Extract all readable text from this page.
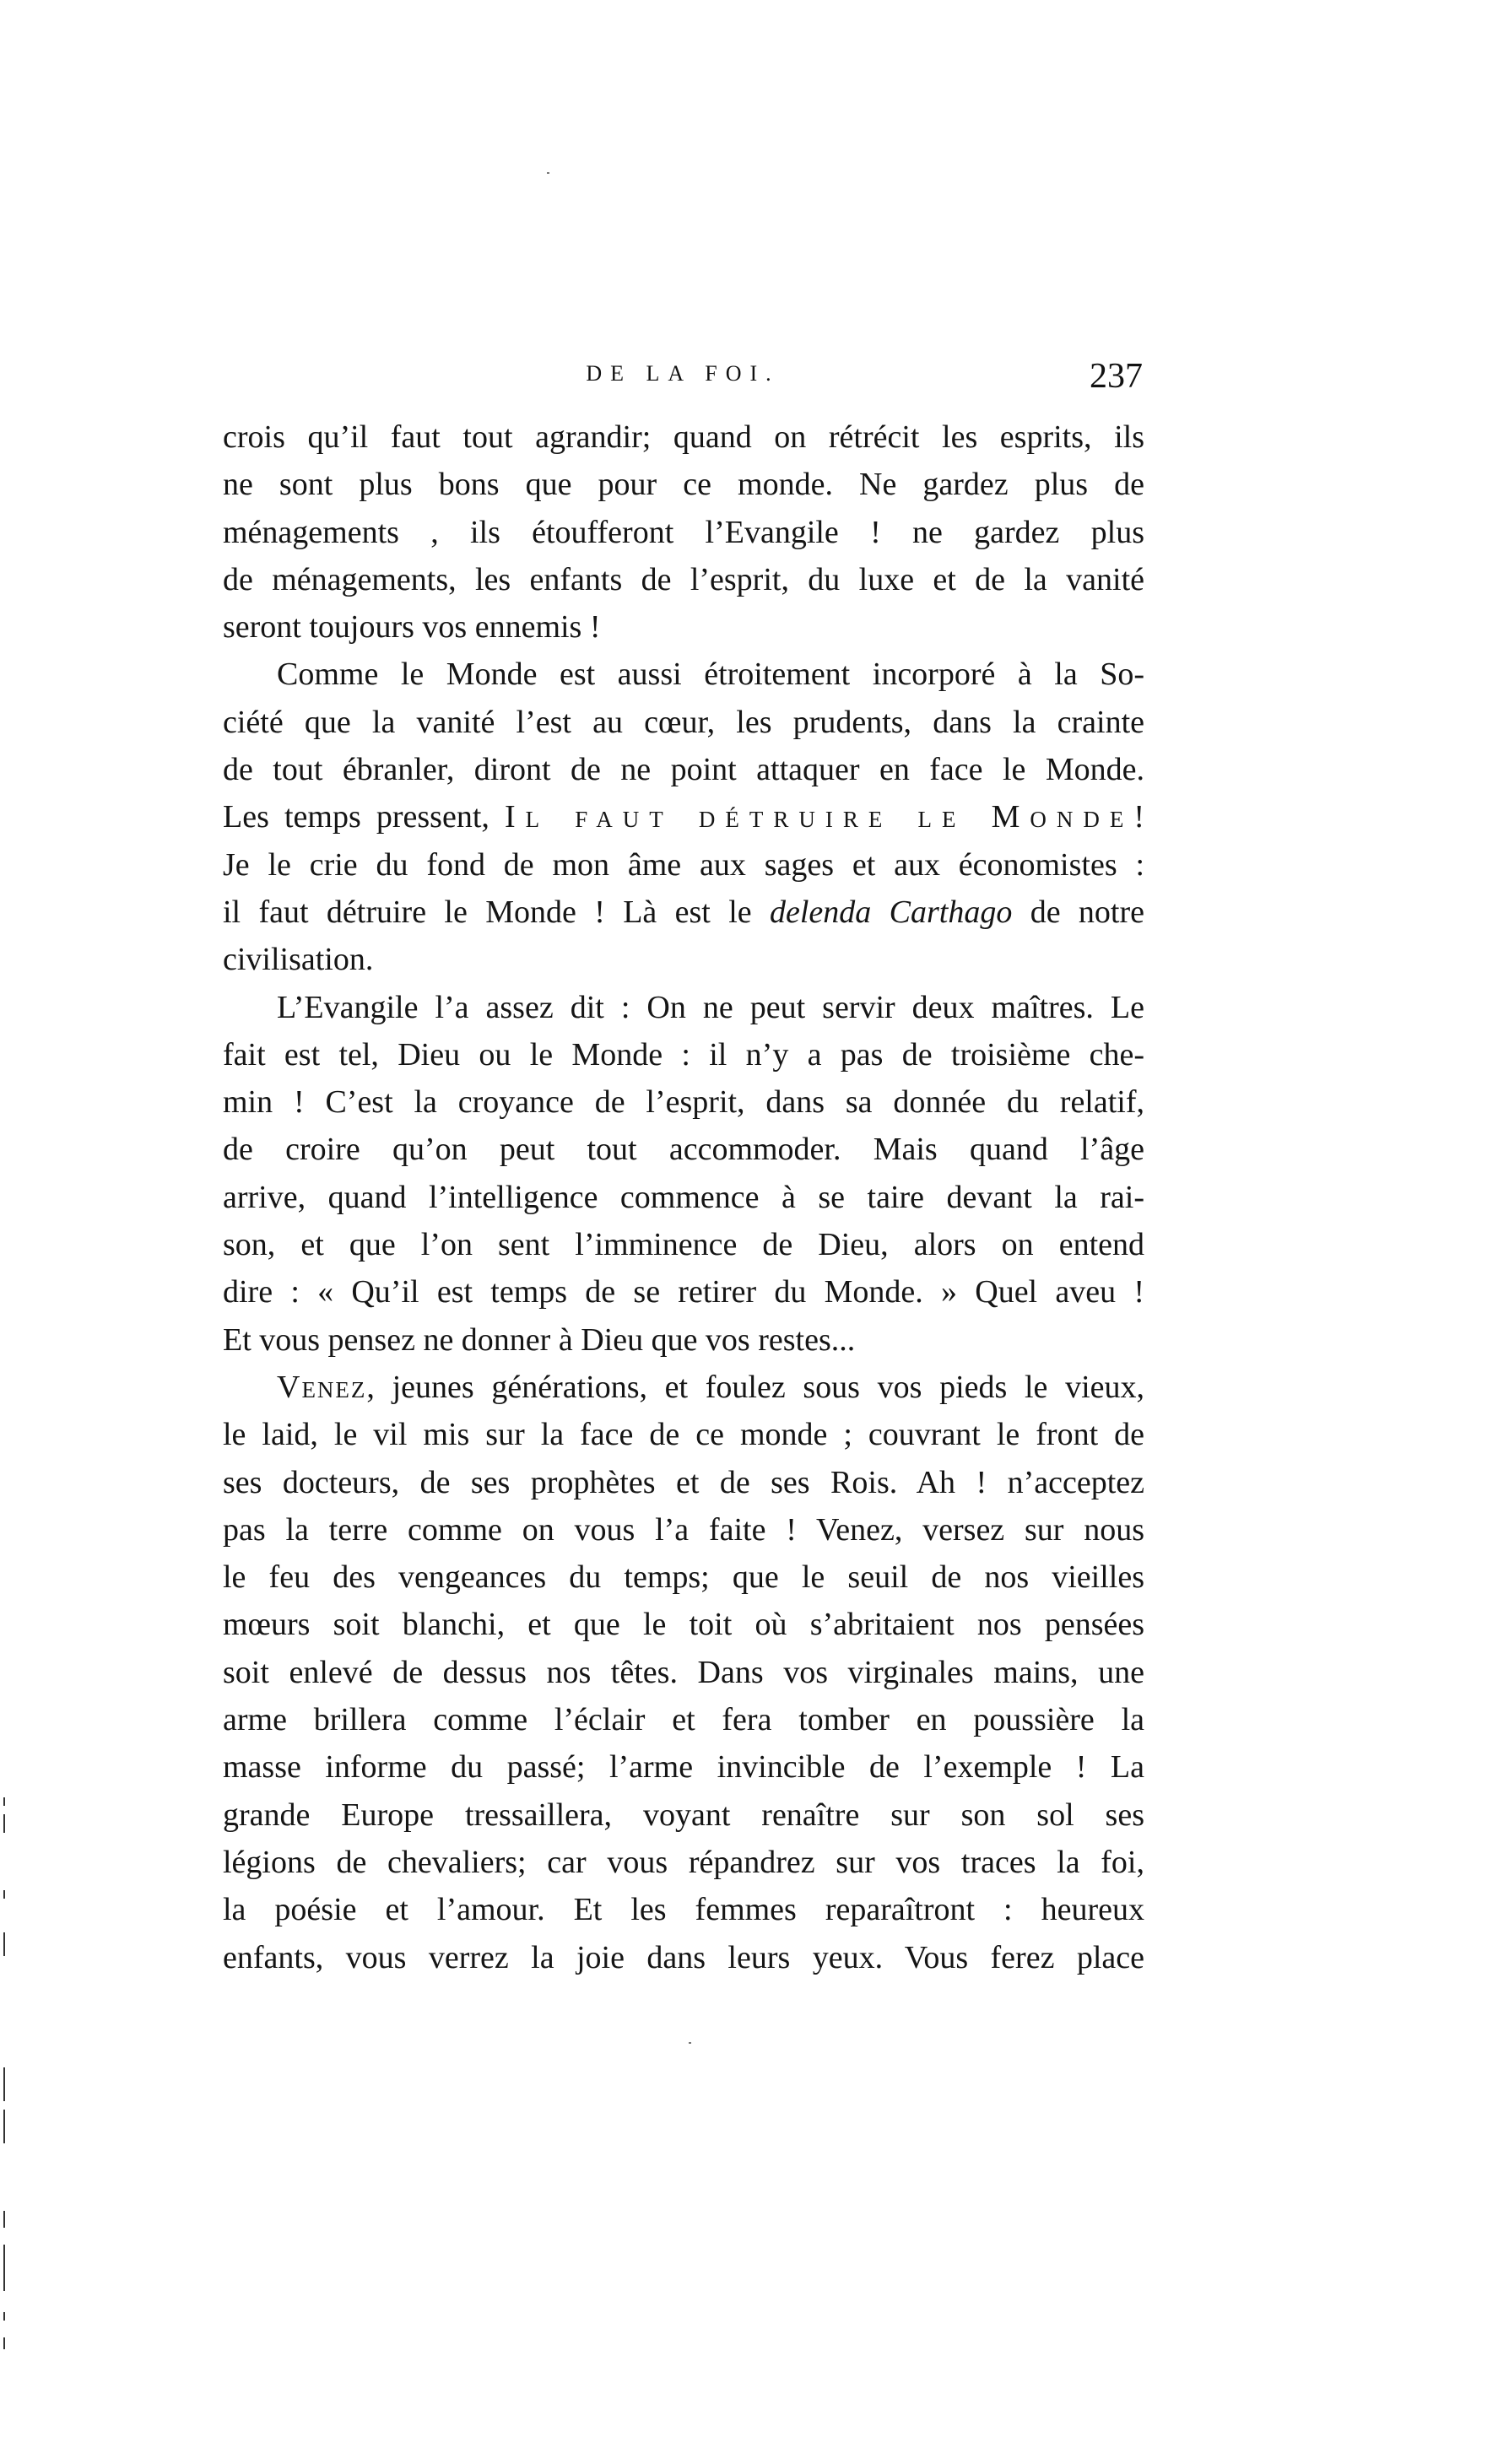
DE LA FOI.	237
crois qu’il faut tout agrandir; quand on rétrécit les esprits, ils
ne sont plus bons que pour ce monde. Ne gardez plus de
ménagements , ils étoufferont l’Evangile ! ne gardez plus
de ménagements, les enfants de l’esprit, du luxe et de la vanité
seront toujours vos ennemis !
Comme le Monde est aussi étroitement incorporé à la So-
ciété que la vanité l’est au cœur, les prudents, dans la crainte
de tout ébranler, diront de ne point attaquer en face le Monde.
Les temps pressent, Il faut détruire le Monde!
Je le crie du fond de mon âme aux sages et aux économistes :
il faut détruire le Monde ! Là est le delenda Carthago de notre
civilisation.
L’Evangile l’a assez dit : On ne peut servir deux maîtres. Le
fait est tel, Dieu ou le Monde : il n’y a pas de troisième che-
min ! C’est la croyance de l’esprit, dans sa donnée du relatif,
de croire qu’on peut tout accommoder. Mais quand l’âge
arrive, quand l’intelligence commence à se taire devant la rai-
son, et que l’on sent l’imminence de Dieu, alors on entend
dire : « Qu’il est temps de se retirer du Monde. » Quel aveu !
Et vous pensez ne donner à Dieu que vos restes...
Venez, jeunes générations, et foulez sous vos pieds le vieux,
le laid, le vil mis sur la face de ce monde ; couvrant le front de
ses docteurs, de ses prophètes et de ses Rois. Ah ! n’acceptez
pas la terre comme on vous l’a faite ! Venez, versez sur nous
le feu des vengeances du temps; que le seuil de nos vieilles
mœurs soit blanchi, et que le toit où s’abritaient nos pensées
soit enlevé de dessus nos têtes. Dans vos virginales mains, une
arme brillera comme l’éclair et fera tomber en poussière la
masse informe du passé; l’arme invincible de l’exemple ! La
grande Europe tressaillera, voyant renaître sur son sol ses
légions de chevaliers; car vous répandrez sur vos traces la foi,
la poésie et l’amour. Et les femmes reparaîtront : heureux
enfants, vous verrez la joie dans leurs yeux. Vous ferez place
